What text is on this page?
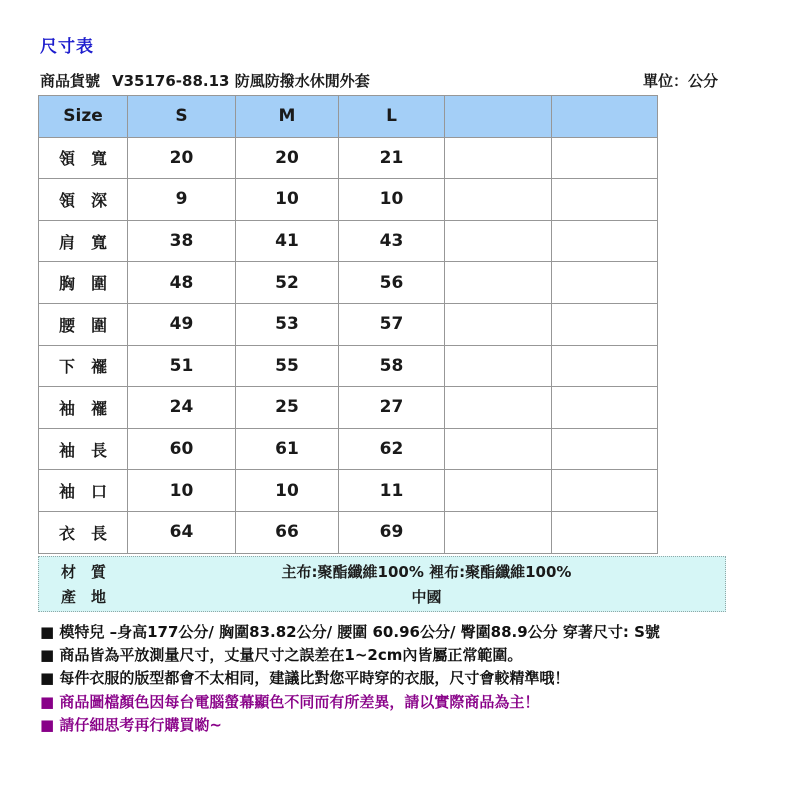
尺寸表
商品貨號 V35176-88.13 防風防撥水休閒外套	單位：公分
Size	S	M	L		
領　寬	20	20	21		
領　深	9	10	10		
肩　寬	38	41	43		
胸　圍	48	52	56		
腰　圍	49	53	57		
下　襬	51	55	58		
袖　襬	24	25	27		
袖　長	60	61	62		
袖　口	10	10	11		
衣　長	64	66	69		
材　質	主布:聚酯纖維100% 裡布:聚酯纖維100%
產　地	中國
■ 模特兒 –身高177公分/ 胸圍83.82公分/ 腰圍 60.96公分/ 臀圍88.9公分 穿著尺寸: S號
■ 商品皆為平放測量尺寸，丈量尺寸之誤差在1~2cm內皆屬正常範圍。
■ 每件衣服的版型都會不太相同，建議比對您平時穿的衣服，尺寸會較精準哦！
■ 商品圖檔顏色因每台電腦螢幕顯色不同而有所差異，請以實際商品為主！
■ 請仔細思考再行購買喲~
